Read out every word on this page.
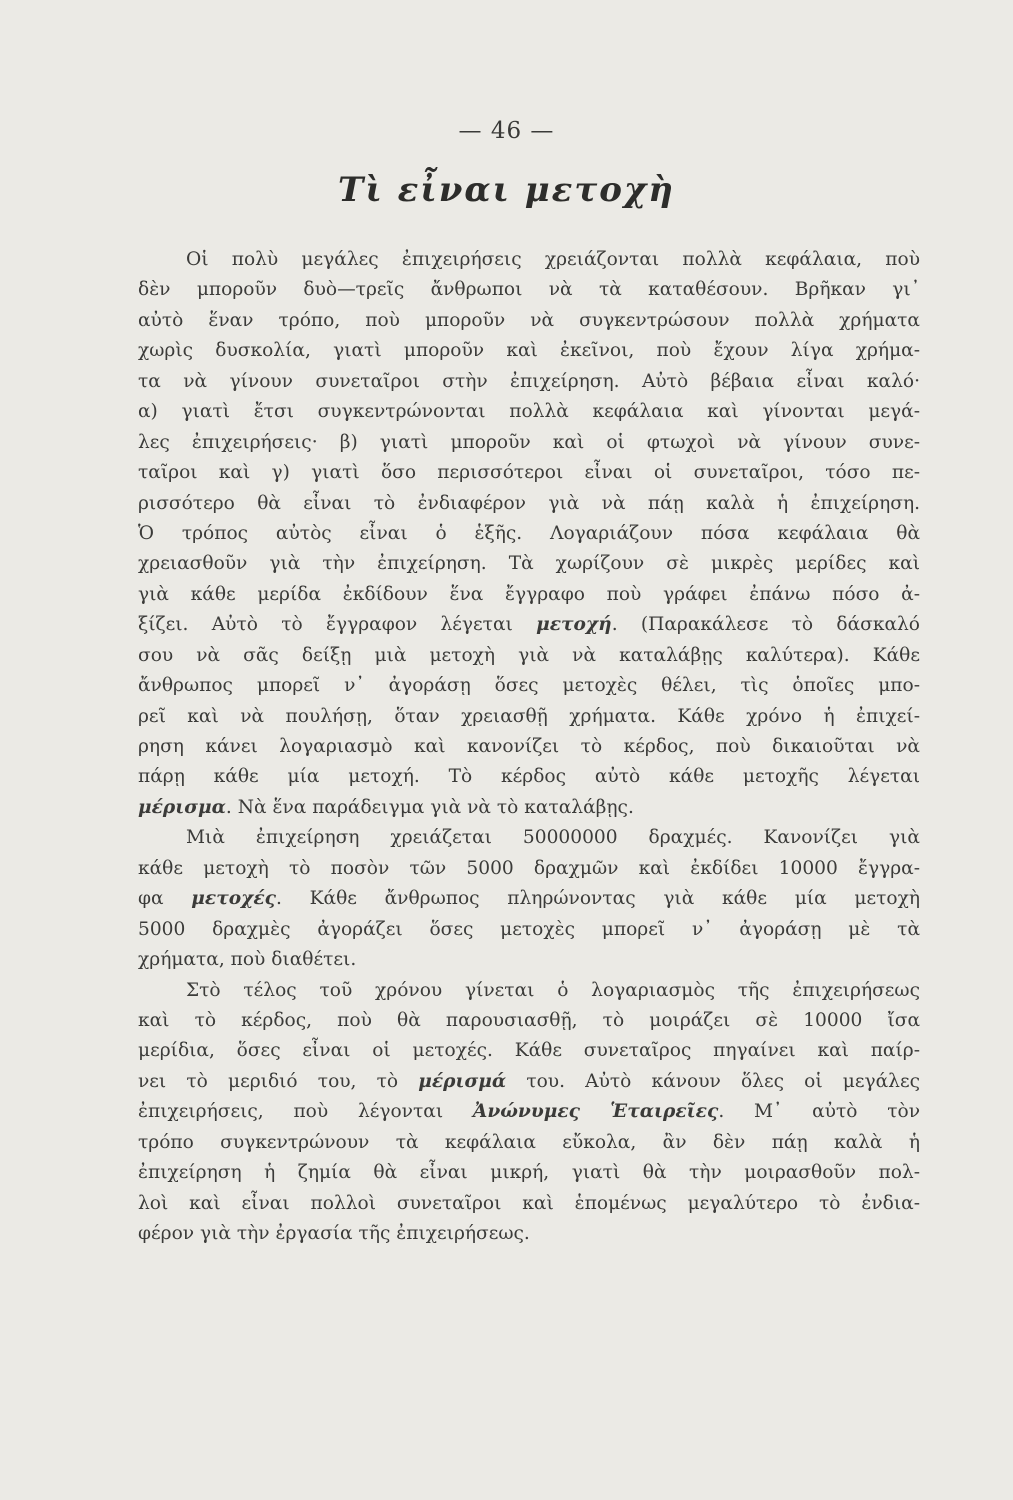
— 46 —
Τὶ εἶναι μετοχὴ
Οἱ πολὺ μεγάλες ἐπιχειρήσεις χρειάζονται πολλὰ κεφάλαια, ποὺ
δὲν μποροῦν δυὸ—τρεῖς ἄνθρωποι νὰ τὰ καταθέσουν. Βρῆκαν γι᾿
αὐτὸ ἕναν τρόπο, ποὺ μποροῦν νὰ συγκεντρώσουν πολλὰ χρήματα
χωρὶς δυσκολία, γιατὶ μποροῦν καὶ ἐκεῖνοι, ποὺ ἔχουν λίγα χρήμα-
τα νὰ γίνουν συνεταῖροι στὴν ἐπιχείρηση. Αὐτὸ βέβαια εἶναι καλό·
α) γιατὶ ἔτσι συγκεντρώνονται πολλὰ κεφάλαια καὶ γίνονται μεγά-
λες ἐπιχειρήσεις· β) γιατὶ μποροῦν καὶ οἱ φτωχοὶ νὰ γίνουν συνε-
ταῖροι καὶ γ) γιατὶ ὅσο περισσότεροι εἶναι οἱ συνεταῖροι, τόσο πε-
ρισσότερο θὰ εἶναι τὸ ἐνδιαφέρον γιὰ νὰ πάῃ καλὰ ἡ ἐπιχείρηση.
Ὁ τρόπος αὐτὸς εἶναι ὁ ἑξῆς. Λογαριάζουν πόσα κεφάλαια θὰ
χρειασθοῦν γιὰ τὴν ἐπιχείρηση. Τὰ χωρίζουν σὲ μικρὲς μερίδες καὶ
γιὰ κάθε μερίδα ἐκδίδουν ἕνα ἔγγραφο ποὺ γράφει ἐπάνω πόσο ἀ-
ξίζει. Αὐτὸ τὸ ἔγγραφον λέγεται μετοχή. (Παρακάλεσε τὸ δάσκαλό
σου νὰ σᾶς δείξῃ μιὰ μετοχὴ γιὰ νὰ καταλάβῃς καλύτερα). Κάθε
ἄνθρωπος μπορεῖ ν᾿ ἀγοράσῃ ὅσες μετοχὲς θέλει, τὶς ὁποῖες μπο-
ρεῖ καὶ νὰ πουλήσῃ, ὅταν χρειασθῇ χρήματα. Κάθε χρόνο ἡ ἐπιχεί-
ρηση κάνει λογαριασμὸ καὶ κανονίζει τὸ κέρδος, ποὺ δικαιοῦται νὰ
πάρῃ κάθε μία μετοχή. Τὸ κέρδος αὐτὸ κάθε μετοχῆς λέγεται
μέρισμα. Νὰ ἕνα παράδειγμα γιὰ νὰ τὸ καταλάβῃς.
Μιὰ ἐπιχείρηση χρειάζεται 50000000 δραχμές. Κανονίζει γιὰ
κάθε μετοχὴ τὸ ποσὸν τῶν 5000 δραχμῶν καὶ ἐκδίδει 10000 ἔγγρα-
φα μετοχές. Κάθε ἄνθρωπος πληρώνοντας γιὰ κάθε μία μετοχὴ
5000 δραχμὲς ἀγοράζει ὅσες μετοχὲς μπορεῖ ν᾿ ἀγοράσῃ μὲ τὰ
χρήματα, ποὺ διαθέτει.
Στὸ τέλος τοῦ χρόνου γίνεται ὁ λογαριασμὸς τῆς ἐπιχειρήσεως
καὶ τὸ κέρδος, ποὺ θὰ παρουσιασθῇ, τὸ μοιράζει σὲ 10000 ἴσα
μερίδια, ὅσες εἶναι οἱ μετοχές. Κάθε συνεταῖρος πηγαίνει καὶ παίρ-
νει τὸ μεριδιό του, τὸ μέρισμά του. Αὐτὸ κάνουν ὅλες οἱ μεγάλες
ἐπιχειρήσεις, ποὺ λέγονται Ἀνώνυμες Ἑταιρεῖες. Μ᾿ αὐτὸ τὸν
τρόπο συγκεντρώνουν τὰ κεφάλαια εὔκολα, ἂν δὲν πάῃ καλὰ ἡ
ἐπιχείρηση ἡ ζημία θὰ εἶναι μικρή, γιατὶ θὰ τὴν μοιρασθοῦν πολ-
λοὶ καὶ εἶναι πολλοὶ συνεταῖροι καὶ ἑπομένως μεγαλύτερο τὸ ἐνδια-
φέρον γιὰ τὴν ἐργασία τῆς ἐπιχειρήσεως.
